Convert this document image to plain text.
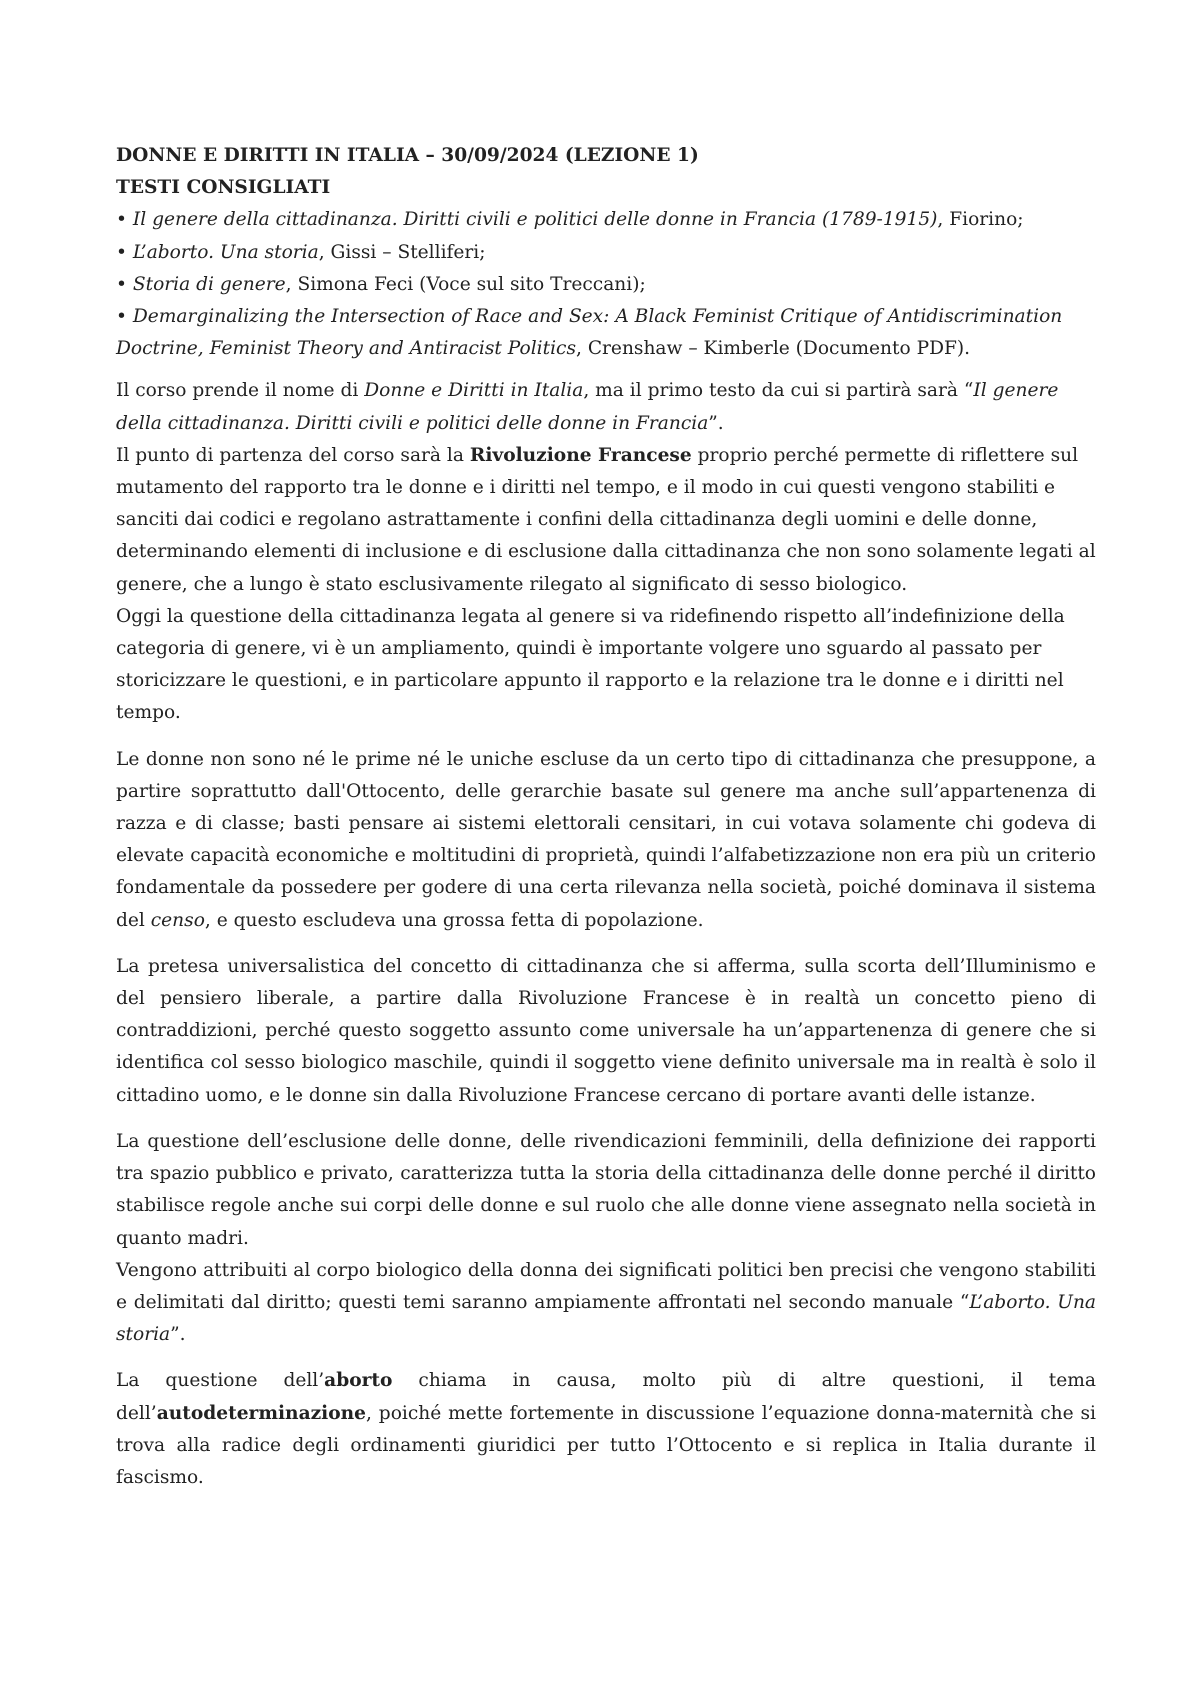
DONNE E DIRITTI IN ITALIA – 30/09/2024 (LEZIONE 1)

TESTI CONSIGLIATI

• Il genere della cittadinanza. Diritti civili e politici delle donne in Francia (1789-1915), Fiorino;

• L’aborto. Una storia, Gissi – Stelliferi;

• Storia di genere, Simona Feci (Voce sul sito Treccani);

• Demarginalizing the Intersection of Race and Sex: A Black Feminist Critique of Antidiscrimination Doctrine, Feminist Theory and Antiracist Politics, Crenshaw – Kimberle (Documento PDF).

Il corso prende il nome di Donne e Diritti in Italia, ma il primo testo da cui si partirà sarà “Il genere della cittadinanza. Diritti civili e politici delle donne in Francia”.

Il punto di partenza del corso sarà la Rivoluzione Francese proprio perché permette di riflettere sul mutamento del rapporto tra le donne e i diritti nel tempo, e il modo in cui questi vengono stabiliti e sanciti dai codici e regolano astrattamente i confini della cittadinanza degli uomini e delle donne, determinando elementi di inclusione e di esclusione dalla cittadinanza che non sono solamente legati al genere, che a lungo è stato esclusivamente rilegato al significato di sesso biologico.

Oggi la questione della cittadinanza legata al genere si va ridefinendo rispetto all’indefinizione della categoria di genere, vi è un ampliamento, quindi è importante volgere uno sguardo al passato per storicizzare le questioni, e in particolare appunto il rapporto e la relazione tra le donne e i diritti nel tempo.

Le donne non sono né le prime né le uniche escluse da un certo tipo di cittadinanza che presuppone, a partire soprattutto dall'Ottocento, delle gerarchie basate sul genere ma anche sull’appartenenza di razza e di classe; basti pensare ai sistemi elettorali censitari, in cui votava solamente chi godeva di elevate capacità economiche e moltitudini di proprietà, quindi l’alfabetizzazione non era più un criterio fondamentale da possedere per godere di una certa rilevanza nella società, poiché dominava il sistema del censo, e questo escludeva una grossa fetta di popolazione.

La pretesa universalistica del concetto di cittadinanza che si afferma, sulla scorta dell’Illuminismo e del pensiero liberale, a partire dalla Rivoluzione Francese è in realtà un concetto pieno di contraddizioni, perché questo soggetto assunto come universale ha un’appartenenza di genere che si identifica col sesso biologico maschile, quindi il soggetto viene definito universale ma in realtà è solo il cittadino uomo, e le donne sin dalla Rivoluzione Francese cercano di portare avanti delle istanze.

La questione dell’esclusione delle donne, delle rivendicazioni femminili, della definizione dei rapporti tra spazio pubblico e privato, caratterizza tutta la storia della cittadinanza delle donne perché il diritto stabilisce regole anche sui corpi delle donne e sul ruolo che alle donne viene assegnato nella società in quanto madri.

Vengono attribuiti al corpo biologico della donna dei significati politici ben precisi che vengono stabiliti e delimitati dal diritto; questi temi saranno ampiamente affrontati nel secondo manuale “L’aborto. Una storia”.

La questione dell’aborto chiama in causa, molto più di altre questioni, il tema dell’autodeterminazione, poiché mette fortemente in discussione l’equazione donna-maternità che si trova alla radice degli ordinamenti giuridici per tutto l’Ottocento e si replica in Italia durante il fascismo.
